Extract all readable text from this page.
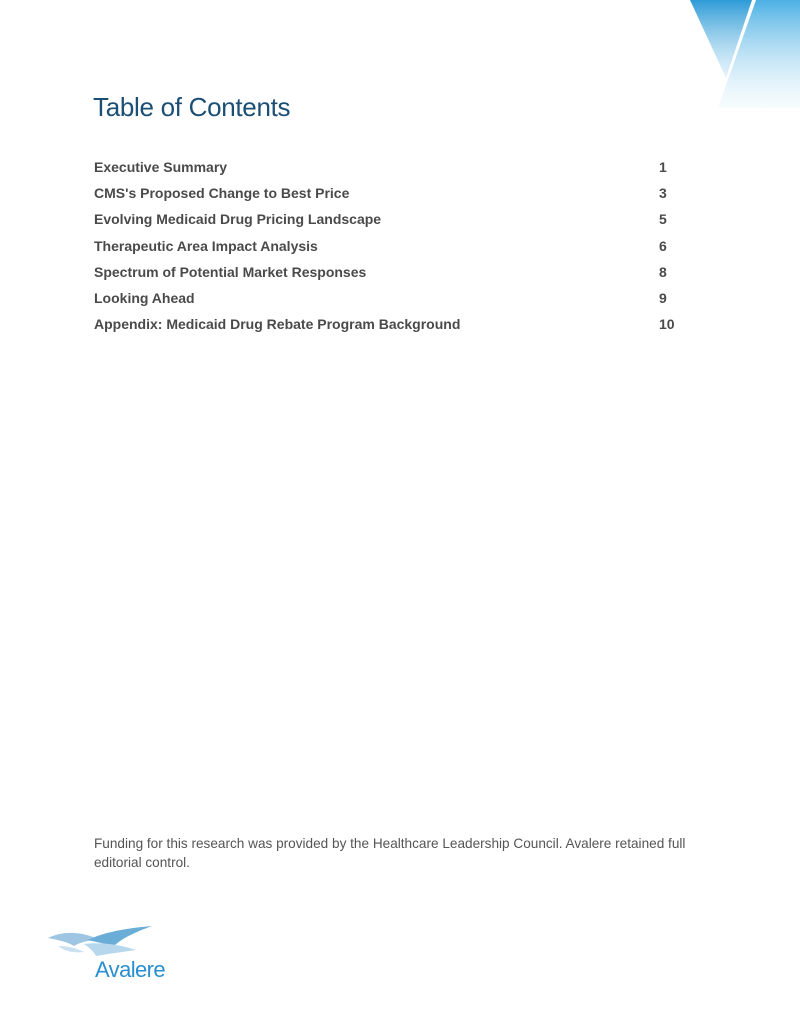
Table of Contents
Executive Summary	1
CMS's Proposed Change to Best Price	3
Evolving Medicaid Drug Pricing Landscape	5
Therapeutic Area Impact Analysis	6
Spectrum of Potential Market Responses	8
Looking Ahead	9
Appendix: Medicaid Drug Rebate Program Background	10

Funding for this research was provided by the Healthcare Leadership Council. Avalere retained full editorial control.

Avalere
